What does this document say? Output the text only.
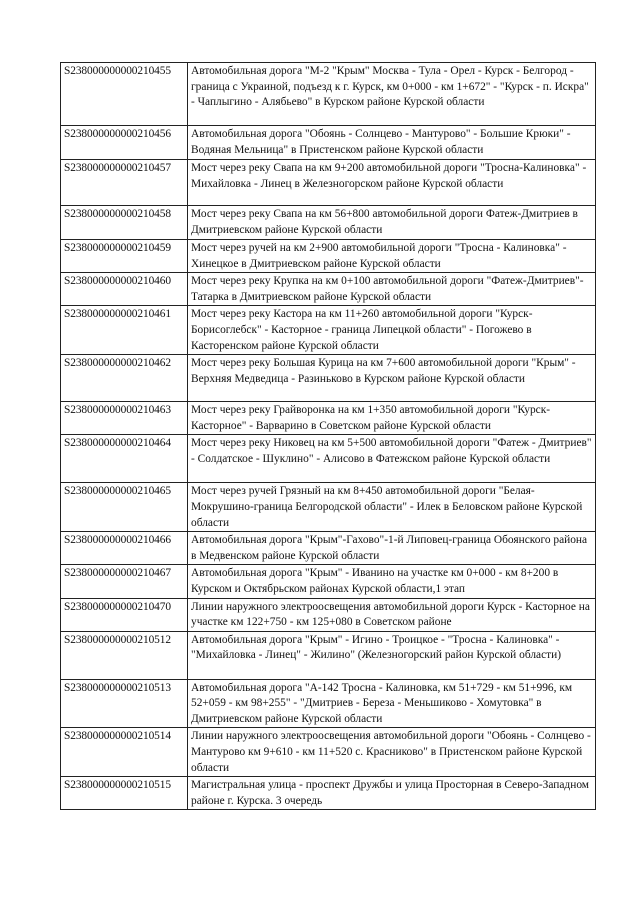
S238000000000210455	Автомобильная дорога "М-2 "Крым" Москва - Тула - Орел - Курск - Белгород - граница с Украиной, подъезд к г. Курск, км 0+000 - км 1+672" - "Курск - п. Искра" - Чаплыгино - Алябьево" в Курском районе Курской области
S238000000000210456	Автомобильная дорога "Обоянь - Солнцево - Мантурово" - Большие Крюки" - Водяная Мельница" в Пристенском районе Курской области
S238000000000210457	Мост через реку Свапа на км 9+200 автомобильной дороги "Тросна-Калиновка" - Михайловка - Линец в Железногорском районе Курской области
S238000000000210458	Мост через реку Свапа на км 56+800 автомобильной дороги Фатеж-Дмитриев в Дмитриевском районе Курской области
S238000000000210459	Мост через ручей на км 2+900 автомобильной дороги "Тросна - Калиновка" - Хинецкое в Дмитриевском районе Курской области
S238000000000210460	Мост через реку Крупка на км 0+100 автомобильной дороги "Фатеж-Дмитриев"-Татарка в Дмитриевском районе Курской области
S238000000000210461	Мост через реку Кастора на км 11+260 автомобильной дороги "Курск-Борисоглебск" - Касторное - граница Липецкой области" - Погожево в Касторенском районе Курской области
S238000000000210462	Мост через реку Большая Курица на км 7+600 автомобильной дороги "Крым" - Верхняя Медведица - Разиньково в Курском районе Курской области
S238000000000210463	Мост через реку Грайворонка на км 1+350 автомобильной дороги "Курск-Касторное" - Варварино в Советском районе Курской области
S238000000000210464	Мост через реку Никовец на км 5+500 автомобильной дороги "Фатеж - Дмитриев" - Солдатское - Шуклино" - Алисово в Фатежском районе Курской области
S238000000000210465	Мост через ручей Грязный на км 8+450 автомобильной дороги "Белая-Мокрушино-граница Белгородской области" - Илек в Беловском районе Курской области
S238000000000210466	Автомобильная дорога "Крым"-Гахово"-1-й Липовец-граница Обоянского района в Медвенском районе Курской области
S238000000000210467	Автомобильная дорога "Крым" - Иванино на участке км 0+000 - км 8+200 в Курском и Октябрьском районах Курской области,1 этап
S238000000000210470	Линии наружного электроосвещения автомобильной дороги Курск - Касторное на участке км 122+750 - км 125+080 в Советском районе
S238000000000210512	Автомобильная дорога "Крым" - Игино - Троицкое - "Тросна - Калиновка" - "Михайловка - Линец" - Жилино" (Железногорский район Курской области)
S238000000000210513	Автомобильная дорога "А-142 Тросна - Калиновка, км 51+729 - км 51+996, км 52+059 - км 98+255" - "Дмитриев - Береза - Меньшиково - Хомутовка" в Дмитриевском районе Курской области
S238000000000210514	Линии наружного электроосвещения автомобильной дороги "Обоянь - Солнцево - Мантурово км 9+610 - км 11+520 с. Красниково" в Пристенском районе Курской области
S238000000000210515	Магистральная улица - проспект Дружбы и улица Просторная в Северо-Западном районе г. Курска. 3 очередь
